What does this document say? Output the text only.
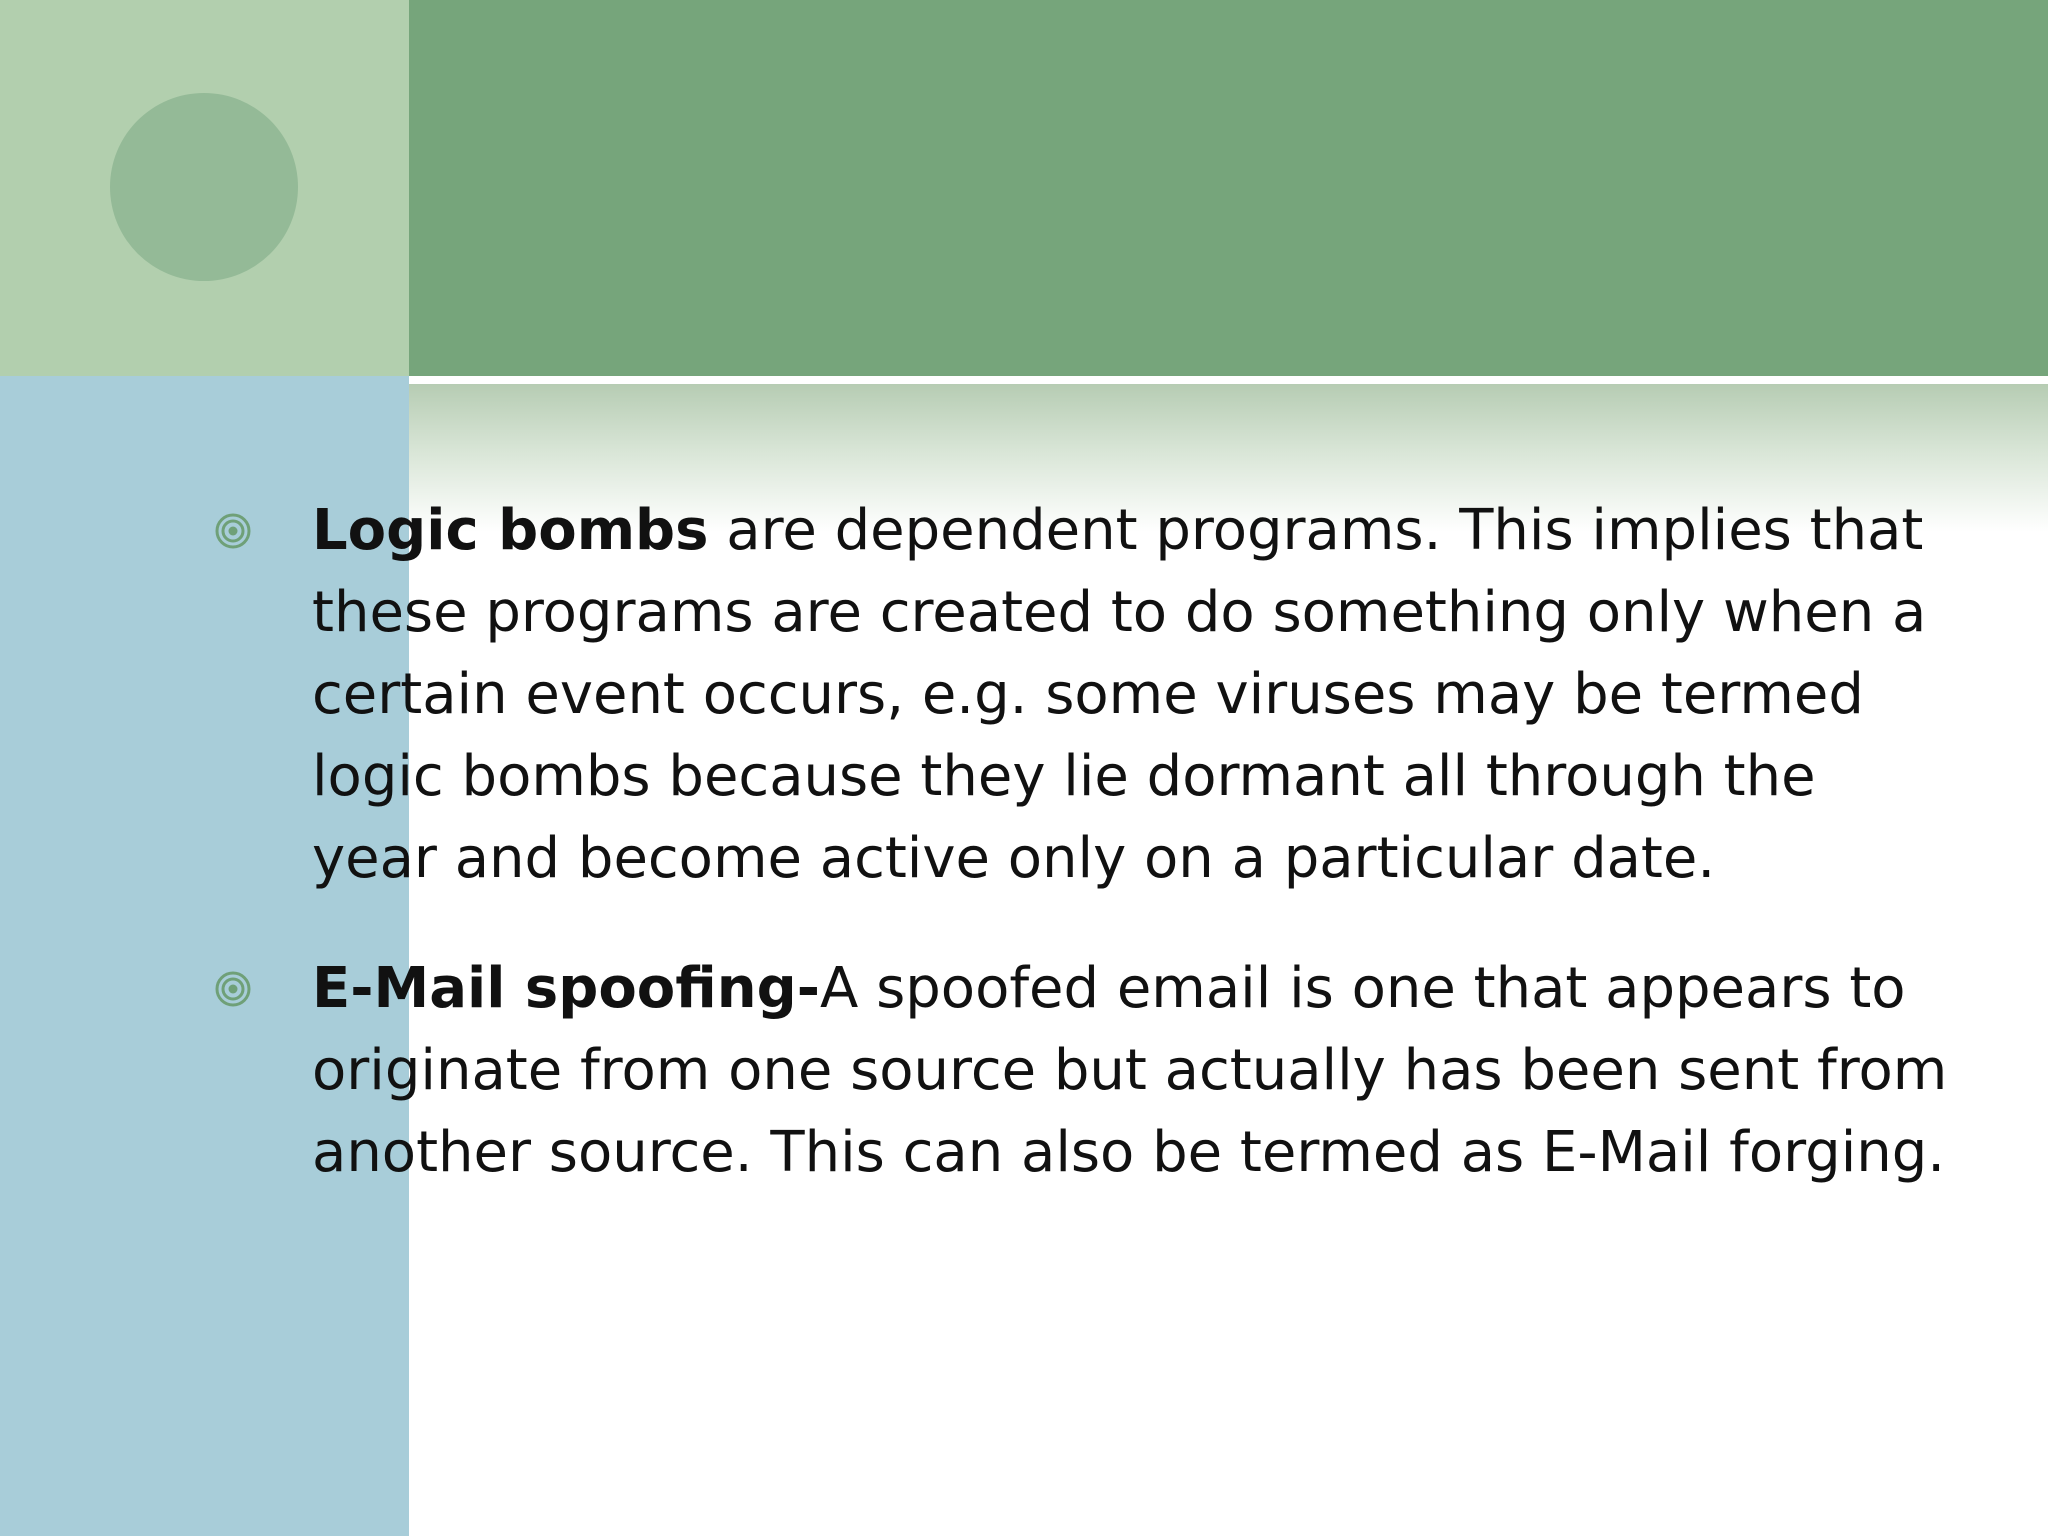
Logic bombs are dependent programs. This implies that these programs are created to do something only when a certain event occurs, e.g. some viruses may be termed logic bombs because they lie dormant all through the year and become active only on a particular date.
E-Mail spoofing-A spoofed email is one that appears to originate from one source but actually has been sent from another source. This can also be termed as E-Mail forging.
